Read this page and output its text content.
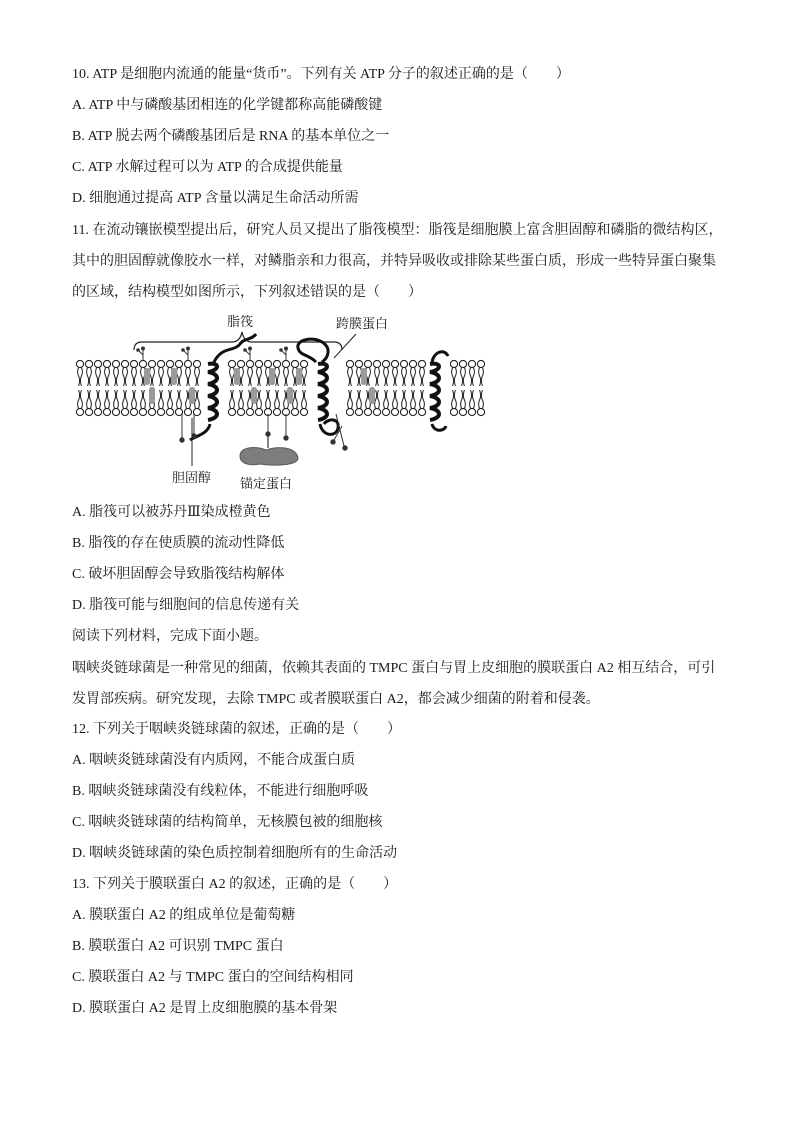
10. ATP 是细胞内流通的能量“货币”。下列有关 ATP 分子的叙述正确的是（　　）
A. ATP 中与磷酸基团相连的化学键都称高能磷酸键
B. ATP 脱去两个磷酸基团后是 RNA 的基本单位之一
C. ATP 水解过程可以为 ATP 的合成提供能量
D. 细胞通过提高 ATP 含量以满足生命活动所需
11. 在流动镶嵌模型提出后，研究人员又提出了脂筏模型：脂筏是细胞膜上富含胆固醇和磷脂的微结构区，
其中的胆固醇就像胶水一样，对鳞脂亲和力很高，并特异吸收或排除某些蛋白质，形成一些特异蛋白聚集
的区域，结构模型如图所示，下列叙述错误的是（　　）
脂筏	跨膜蛋白
胆固醇 锚定蛋白
A. 脂筏可以被苏丹Ⅲ染成橙黄色
B. 脂筏的存在使质膜的流动性降低
C. 破坏胆固醇会导致脂筏结构解体
D. 脂筏可能与细胞间的信息传递有关
阅读下列材料，完成下面小题。
咽峡炎链球菌是一种常见的细菌，依赖其表面的 TMPC 蛋白与胃上皮细胞的膜联蛋白 A2 相互结合，可引
发胃部疾病。研究发现，去除 TMPC 或者膜联蛋白 A2，都会减少细菌的附着和侵袭。
12. 下列关于咽峡炎链球菌的叙述，正确的是（　　）
A. 咽峡炎链球菌没有内质网，不能合成蛋白质
B. 咽峡炎链球菌没有线粒体，不能进行细胞呼吸
C. 咽峡炎链球菌的结构简单，无核膜包被的细胞核
D. 咽峡炎链球菌的染色质控制着细胞所有的生命活动
13. 下列关于膜联蛋白 A2 的叙述，正确的是（　　）
A. 膜联蛋白 A2 的组成单位是葡萄糖
B. 膜联蛋白 A2 可识别 TMPC 蛋白
C. 膜联蛋白 A2 与 TMPC 蛋白的空间结构相同
D. 膜联蛋白 A2 是胃上皮细胞膜的基本骨架
